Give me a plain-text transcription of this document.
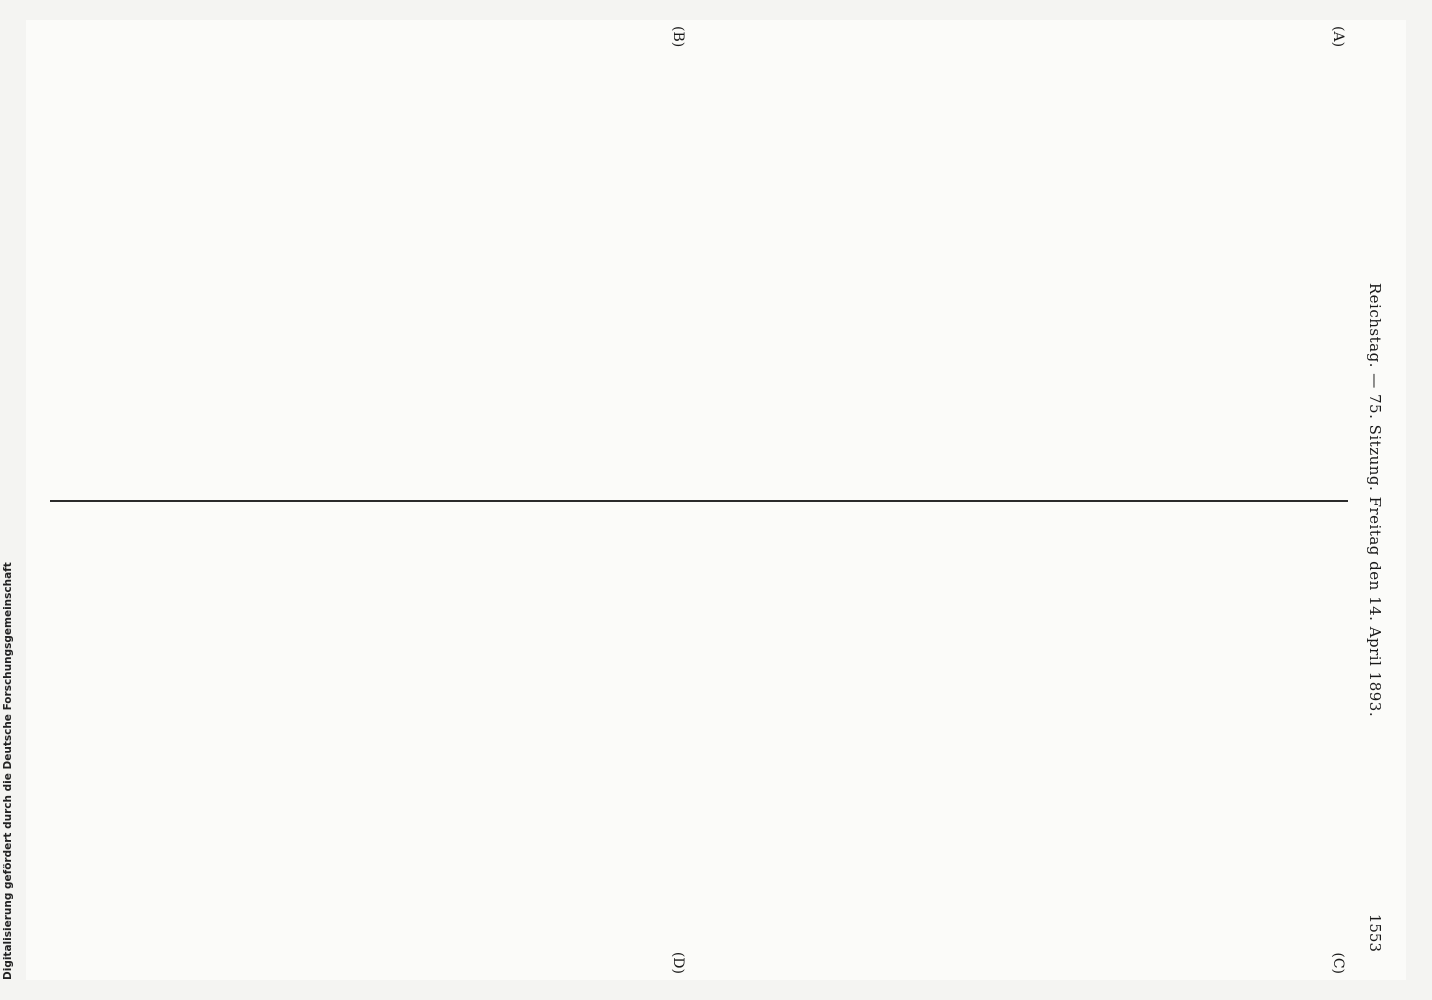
Digitalisierung gefördert durch die Deutsche Forschungsgemeinschaft
Reichstag. — 75. Sitzung. Freitag den 14. April 1893.
1553
(A)
(B)
(C)
(D)
